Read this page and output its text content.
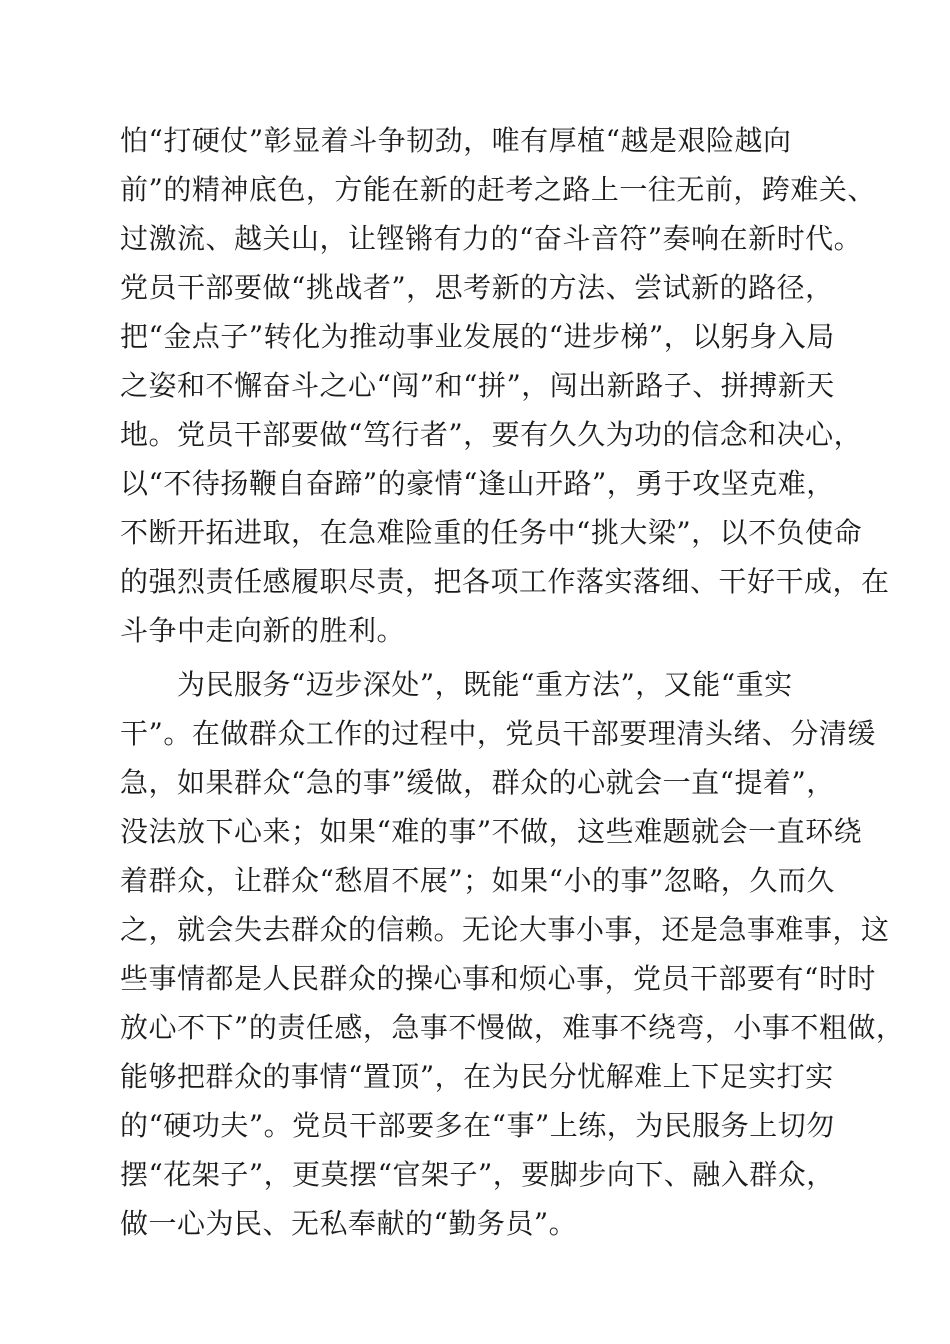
怕“打硬仗”彰显着斗争韧劲，唯有厚植“越是艰险越向
前”的精神底色，方能在新的赶考之路上一往无前，跨难关、
过激流、越关山，让铿锵有力的“奋斗音符”奏响在新时代。
党员干部要做“挑战者”，思考新的方法、尝试新的路径，
把“金点子”转化为推动事业发展的“进步梯”，以躬身入局
之姿和不懈奋斗之心“闯”和“拼”，闯出新路子、拼搏新天
地。党员干部要做“笃行者”，要有久久为功的信念和决心，
以“不待扬鞭自奋蹄”的豪情“逢山开路”，勇于攻坚克难，
不断开拓进取，在急难险重的任务中“挑大梁”，以不负使命
的强烈责任感履职尽责，把各项工作落实落细、干好干成，在
斗争中走向新的胜利。
　　为民服务“迈步深处”，既能“重方法”，又能“重实
干”。在做群众工作的过程中，党员干部要理清头绪、分清缓
急，如果群众“急的事”缓做，群众的心就会一直“提着”，
没法放下心来；如果“难的事”不做，这些难题就会一直环绕
着群众，让群众“愁眉不展”；如果“小的事”忽略，久而久
之，就会失去群众的信赖。无论大事小事，还是急事难事，这
些事情都是人民群众的操心事和烦心事，党员干部要有“时时
放心不下”的责任感，急事不慢做，难事不绕弯，小事不粗做，
能够把群众的事情“置顶”，在为民分忧解难上下足实打实
的“硬功夫”。党员干部要多在“事”上练，为民服务上切勿
摆“花架子”，更莫摆“官架子”，要脚步向下、融入群众，
做一心为民、无私奉献的“勤务员”。
